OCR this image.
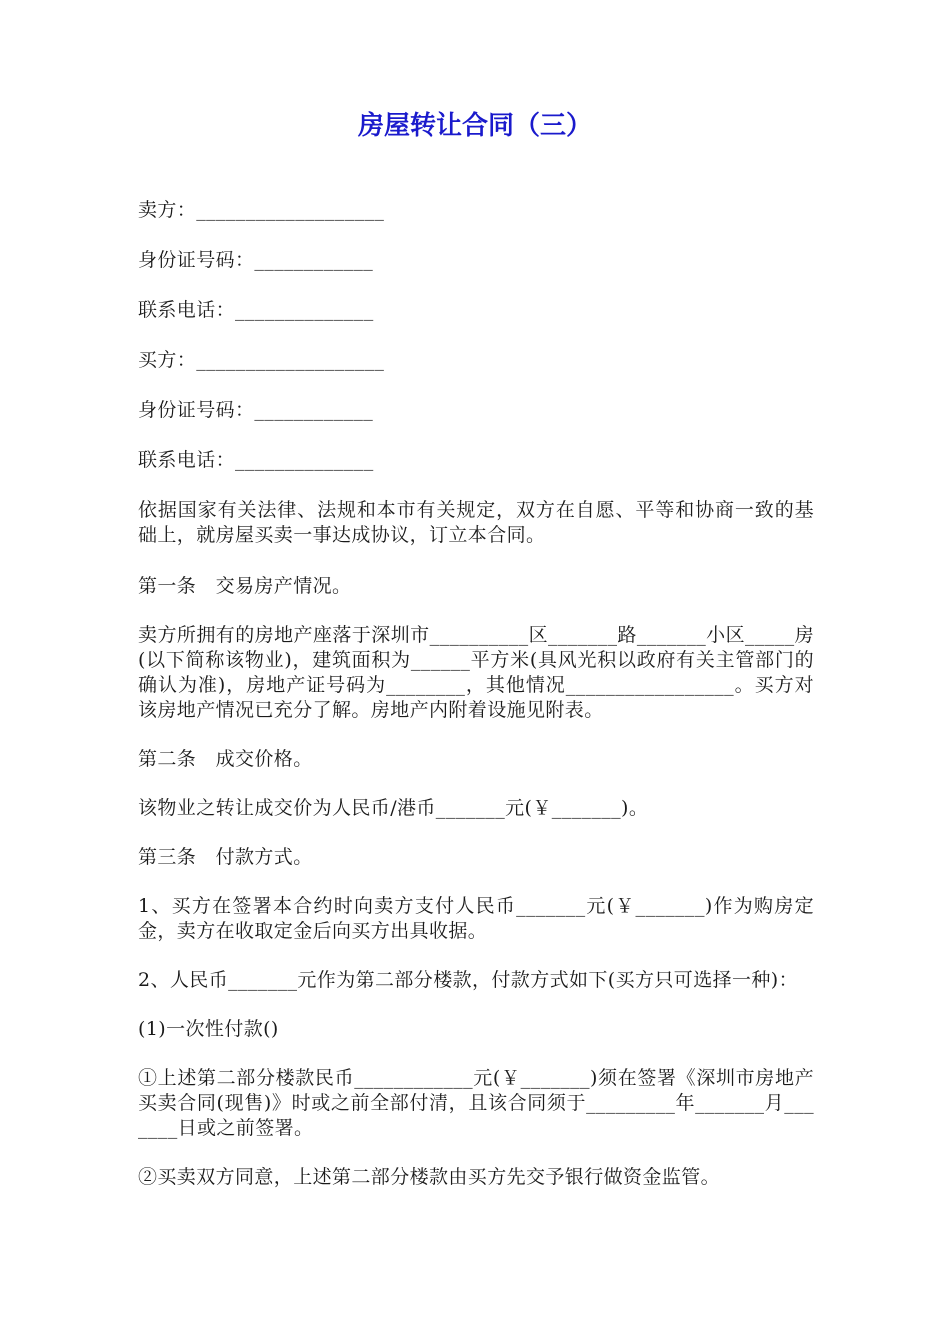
房屋转让合同（三）

卖方：___________________

身份证号码：____________

联系电话：______________

买方：___________________

身份证号码：____________

联系电话：______________

依据国家有关法律、法规和本市有关规定，双方在自愿、平等和协商一致的基础上，就房屋买卖一事达成协议，订立本合同。

第一条　交易房产情况。

卖方所拥有的房地产座落于深圳市__________区_______路_______小区_____房(以下简称该物业)，建筑面积为______平方米(具风光积以政府有关主管部门的确认为准)，房地产证号码为________，其他情况_________________。买方对该房地产情况已充分了解。房地产内附着设施见附表。

第二条　成交价格。

该物业之转让成交价为人民币/港币_______元(￥_______)。

第三条　付款方式。

1、买方在签署本合约时向卖方支付人民币_______元(￥_______)作为购房定金，卖方在收取定金后向买方出具收据。

2、人民币_______元作为第二部分楼款，付款方式如下(买方只可选择一种)：

(1)一次性付款()

①上述第二部分楼款民币____________元(￥_______)须在签署《深圳市房地产买卖合同(现售)》时或之前全部付清，且该合同须于_________年_______月_______日或之前签署。

②买卖双方同意，上述第二部分楼款由买方先交予银行做资金监管。
